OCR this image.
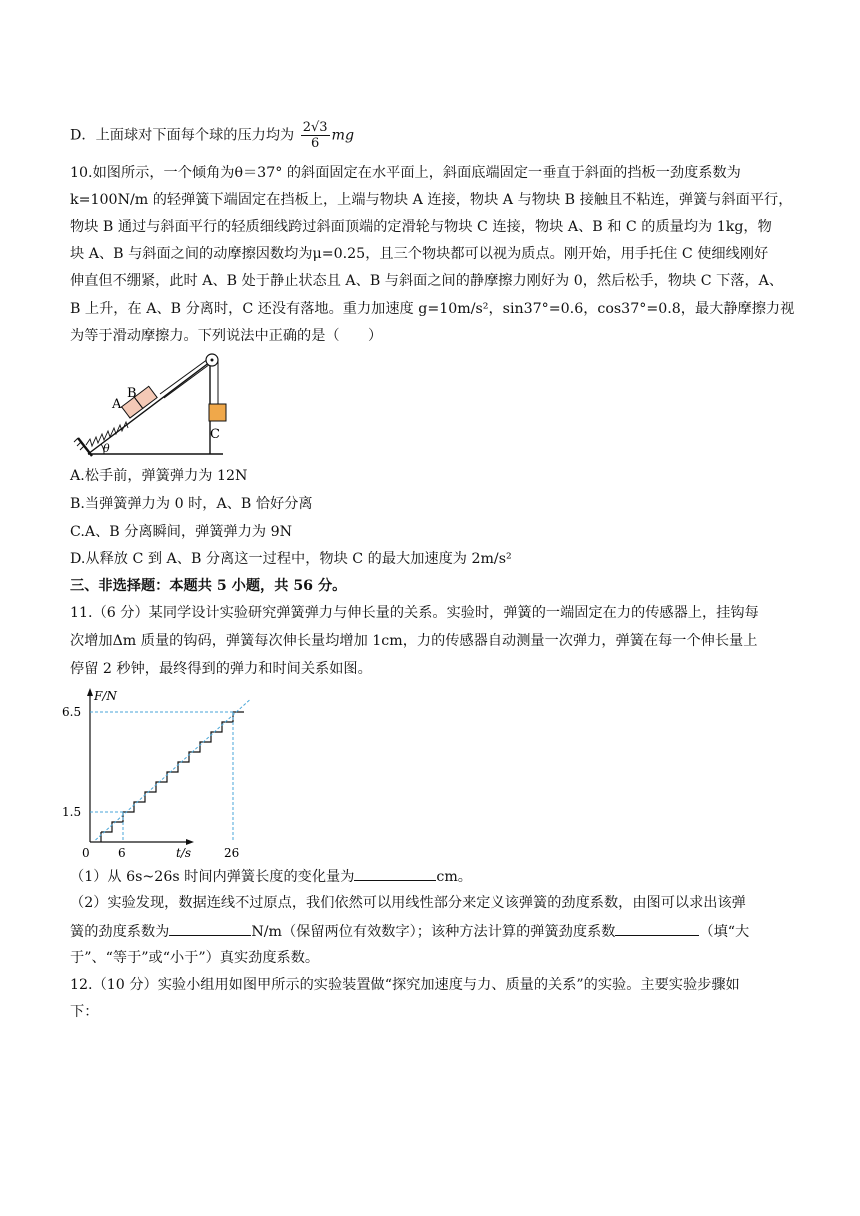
D．上面球对下面每个球的压力均为 $\frac{2√3}{6}$ mg
10.如图所示，一个倾角为θ＝37° 的斜面固定在水平面上，斜面底端固定一垂直于斜面的挡板一劲度系数为
k=100N/m 的轻弹簧下端固定在挡板上，上端与物块 A 连接，物块 A 与物块 B 接触且不粘连，弹簧与斜面平行，
物块 B 通过与斜面平行的轻质细线跨过斜面顶端的定滑轮与物块 C 连接，物块 A、B 和 C 的质量均为 1kg，物
块 A、B 与斜面之间的动摩擦因数均为μ=0.25，且三个物块都可以视为质点。刚开始，用手托住 C 使细线刚好
伸直但不绷紧，此时 A、B 处于静止状态且 A、B 与斜面之间的静摩擦力刚好为 0，然后松手，物块 C 下落，A、
B 上升，在 A、B 分离时，C 还没有落地。重力加速度 g=10m/s²，sin37°=0.6，cos37°=0.8，最大静摩擦力视
为等于滑动摩擦力。下列说法中正确的是（　　）
A
B
C
θ
A.松手前，弹簧弹力为 12N
B.当弹簧弹力为 0 时，A、B 恰好分离
C.A、B 分离瞬间，弹簧弹力为 9N
D.从释放 C 到 A、B 分离这一过程中，物块 C 的最大加速度为 2m/s²
三、非选择题：本题共 5 小题，共 56 分。
11.（6 分）某同学设计实验研究弹簧弹力与伸长量的关系。实验时，弹簧的一端固定在力的传感器上，挂钩每
次增加Δm 质量的钩码，弹簧每次伸长量均增加 1cm，力的传感器自动测量一次弹力，弹簧在每一个伸长量上
停留 2 秒钟，最终得到的弹力和时间关系如图。
1.5
6.5
0 6	26
F/N
t/s
（1）从 6s~26s 时间内弹簧长度的变化量为	cm。
（2）实验发现，数据连线不过原点，我们依然可以用线性部分来定义该弹簧的劲度系数，由图可以求出该弹
簧的劲度系数为	N/m（保留两位有效数字）；该种方法计算的弹簧劲度系数	（填“大
于”、“等于”或“小于”）真实劲度系数。
12.（10 分）实验小组用如图甲所示的实验装置做“探究加速度与力、质量的关系”的实验。主要实验步骤如
下：
